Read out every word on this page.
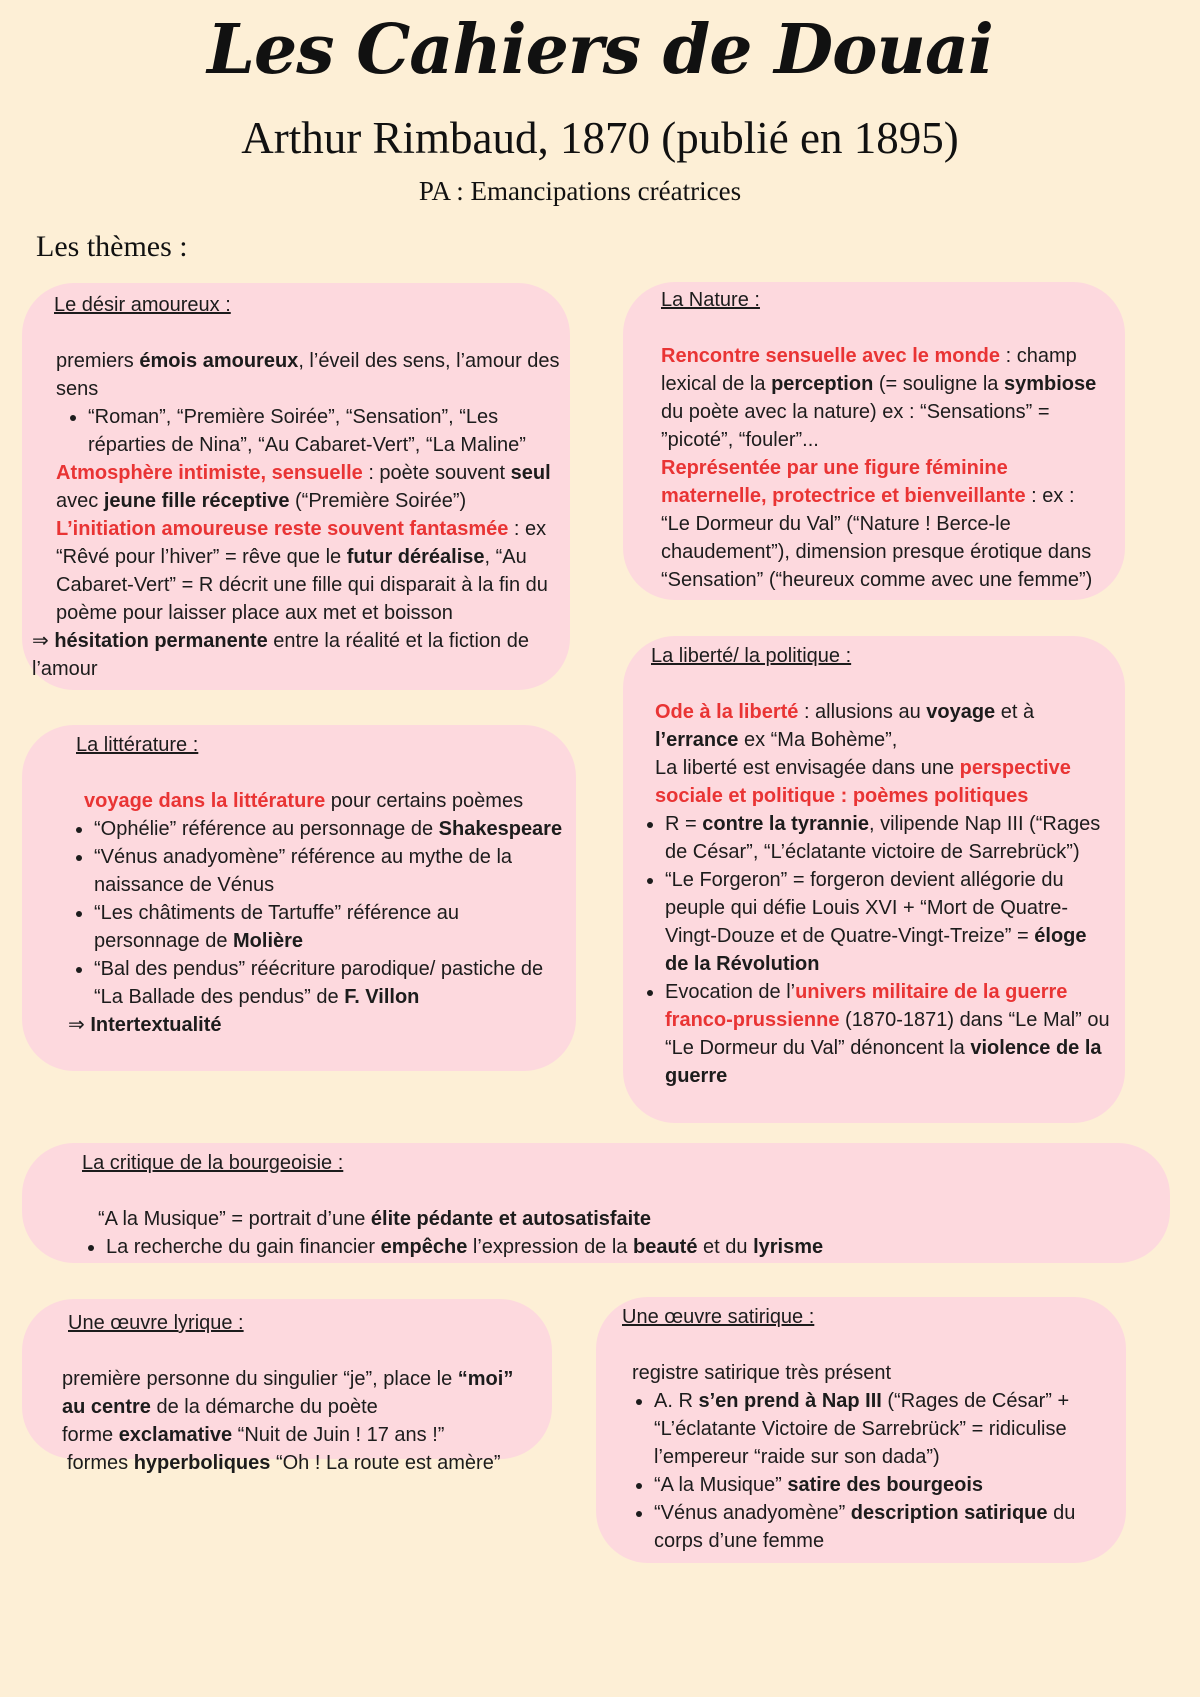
Les Cahiers de Douai
Arthur Rimbaud, 1870 (publié en 1895)
PA : Emancipations créatrices
Les thèmes :
Le désir amoureux :

premiers émois amoureux, l’éveil des sens, l’amour des sens

• “Roman”, “Première Soirée”, “Sensation”, “Les réparties de Nina”, “Au Cabaret-Vert”, “La Maline”

Atmosphère intimiste, sensuelle : poète souvent seul avec jeune fille réceptive (“Première Soirée”)

L’initiation amoureuse reste souvent fantasmée : ex “Rêvé pour l’hiver” = rêve que le futur déréalise, “Au Cabaret-Vert” = R décrit une fille qui disparait à la fin du poème pour laisser place aux met et boisson

⇒ hésitation permanente entre la réalité et la fiction de l’amour

La Nature :

Rencontre sensuelle avec le monde : champ lexical de la perception (= souligne la symbiose du poète avec la nature) ex : “Sensations” = ”picoté”, “fouler”...

Représentée par une figure féminine maternelle, protectrice et bienveillante : ex : “Le Dormeur du Val” (“Nature ! Berce-le chaudement”), dimension presque érotique dans “Sensation” (“heureux comme avec une femme”)

La littérature :

voyage dans la littérature pour certains poèmes

• “Ophélie” référence au personnage de Shakespeare
• “Vénus anadyomène” référence au mythe de la naissance de Vénus
• “Les châtiments de Tartuffe” référence au personnage de Molière
• “Bal des pendus” réécriture parodique/ pastiche de “La Ballade des pendus” de F. Villon

⇒ Intertextualité

La liberté/ la politique :

Ode à la liberté : allusions au voyage et à l’errance ex “Ma Bohème”,

La liberté est envisagée dans une perspective sociale et politique : poèmes politiques

• R = contre la tyrannie, vilipende Nap III (“Rages de César”, “L’éclatante victoire de Sarrebrück”)
• “Le Forgeron” = forgeron devient allégorie du peuple qui défie Louis XVI + “Mort de Quatre-Vingt-Douze et de Quatre-Vingt-Treize” = éloge de la Révolution
• Evocation de l’univers militaire de la guerre franco-prussienne (1870-1871) dans “Le Mal” ou “Le Dormeur du Val” dénoncent la violence de la guerre
La critique de la bourgeoisie :

“A la Musique” = portrait d’une élite pédante et autosatisfaite

• La recherche du gain financier empêche l’expression de la beauté et du lyrisme
Une œuvre lyrique :

première personne du singulier “je”, place le “moi” au centre de la démarche du poète

forme exclamative “Nuit de Juin ! 17 ans !”

formes hyperboliques “Oh ! La route est amère”

Une œuvre satirique :

registre satirique très présent

• A. R s’en prend à Nap III (“Rages de César” + “L’éclatante Victoire de Sarrebrück” = ridiculise l’empereur “raide sur son dada”)
• “A la Musique” satire des bourgeois
• “Vénus anadyomène” description satirique du corps d’une femme
